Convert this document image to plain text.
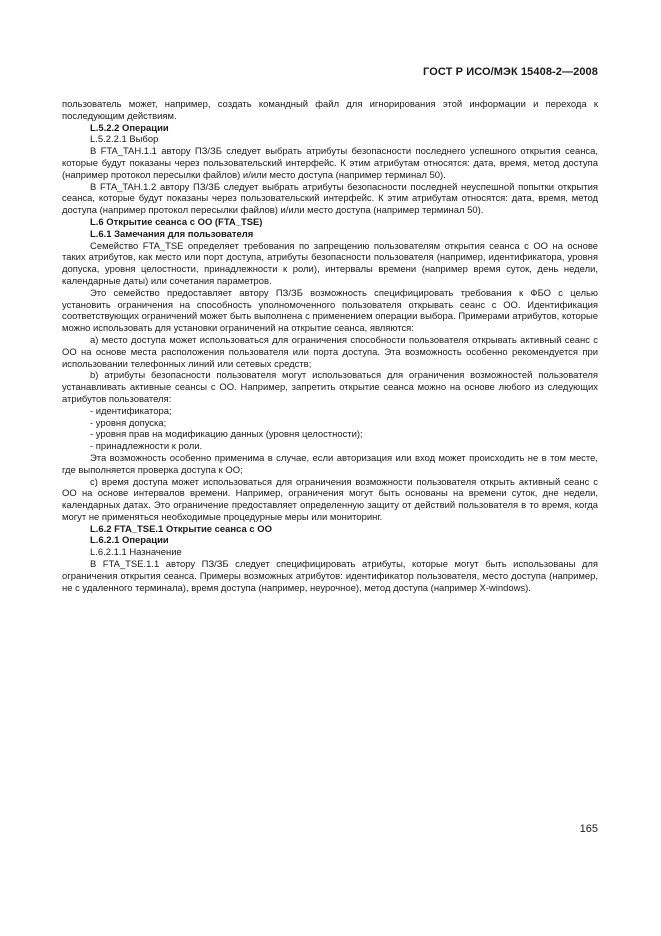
ГОСТ Р ИСО/МЭК 15408-2—2008

пользователь может, например, создать командный файл для игнорирования этой информации и перехода к последующим действиям.

L.5.2.2 Операции

L.5.2.2.1 Выбор

В FTA_TAH.1.1 автору ПЗ/ЗБ следует выбрать атрибуты безопасности последнего успешного открытия сеанса, которые будут показаны через пользовательский интерфейс. К этим атрибутам относятся: дата, время, метод доступа (например протокол пересылки файлов) и/или место доступа (например терминал 50).

В FTA_TAH.1.2 автору ПЗ/ЗБ следует выбрать атрибуты безопасности последней неуспешной попытки открытия сеанса, которые будут показаны через пользовательский интерфейс. К этим атрибутам относятся: дата, время, метод доступа (например протокол пересылки файлов) и/или место доступа (например терминал 50).

L.6 Открытие сеанса с ОО (FTA_TSE)

L.6.1 Замечания для пользователя

Семейство FTA_TSE определяет требования по запрещению пользователям открытия сеанса с ОО на основе таких атрибутов, как место или порт доступа, атрибуты безопасности пользователя (например, идентификатора, уровня допуска, уровня целостности, принадлежности к роли), интервалы времени (например время суток, день недели, календарные даты) или сочетания параметров.

Это семейство предоставляет автору ПЗ/ЗБ возможность специфицировать требования к ФБО с целью установить ограничения на способность уполномоченного пользователя открывать сеанс с ОО. Идентификация соответствующих ограничений может быть выполнена с применением операции выбора. Примерами атрибутов, которые можно использовать для установки ограничений на открытие сеанса, являются:

а) место доступа может использоваться для ограничения способности пользователя открывать активный сеанс с ОО на основе места расположения пользователя или порта доступа. Эта возможность особенно рекомендуется при использовании телефонных линий или сетевых средств;

b) атрибуты безопасности пользователя могут использоваться для ограничения возможностей пользователя устанавливать активные сеансы с ОО. Например, запретить открытие сеанса можно на основе любого из следующих атрибутов пользователя:

- идентификатора;

- уровня допуска;

- уровня прав на модификацию данных (уровня целостности);

- принадлежности к роли.

Эта возможность особенно применима в случае, если авторизация или вход может происходить не в том месте, где выполняется проверка доступа к ОО;

с) время доступа может использоваться для ограничения возможности пользователя открыть активный сеанс с ОО на основе интервалов времени. Например, ограничения могут быть основаны на времени суток, дне недели, календарных датах. Это ограничение предоставляет определенную защиту от действий пользователя в то время, когда могут не применяться необходимые процедурные меры или мониторинг.

L.6.2 FTA_TSE.1 Открытие сеанса с ОО

L.6.2.1 Операции

L.6.2.1.1 Назначение

В FTA_TSE.1.1 автору ПЗ/ЗБ следует специфицировать атрибуты, которые могут быть использованы для ограничения открытия сеанса. Примеры возможных атрибутов: идентификатор пользователя, место доступа (например, не с удаленного терминала), время доступа (например, неурочное), метод доступа (например X-windows).

165
